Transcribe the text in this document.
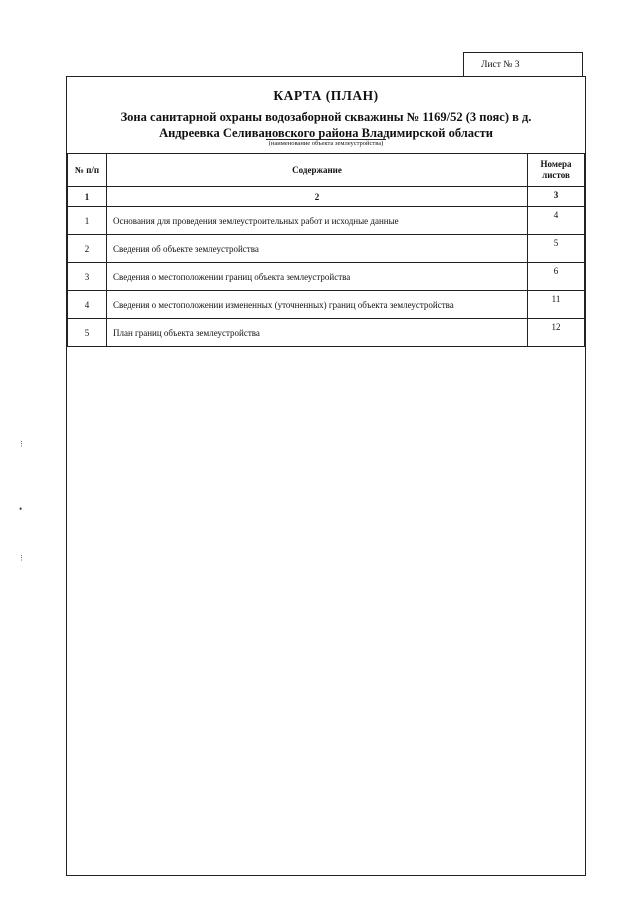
Лист № 3
КАРТА (ПЛАН)
Зона санитарной охраны водозаборной скважины № 1169/52 (3 пояс) в д.
Андреевка Селивановского района Владимирской области
(наименование объекта землеустройства)
№ п/п	Содержание	Номера листов
1	2	3
1	Основания для проведения землеустроительных работ и исходные данные	4
2	Сведения об объекте землеустройства	5
3	Сведения о местоположении границ объекта землеустройства	6
4	Сведения о местоположении измененных (уточненных) границ объекта землеустройства	11
5	План границ объекта землеустройства	12
⋮
•
⋮
